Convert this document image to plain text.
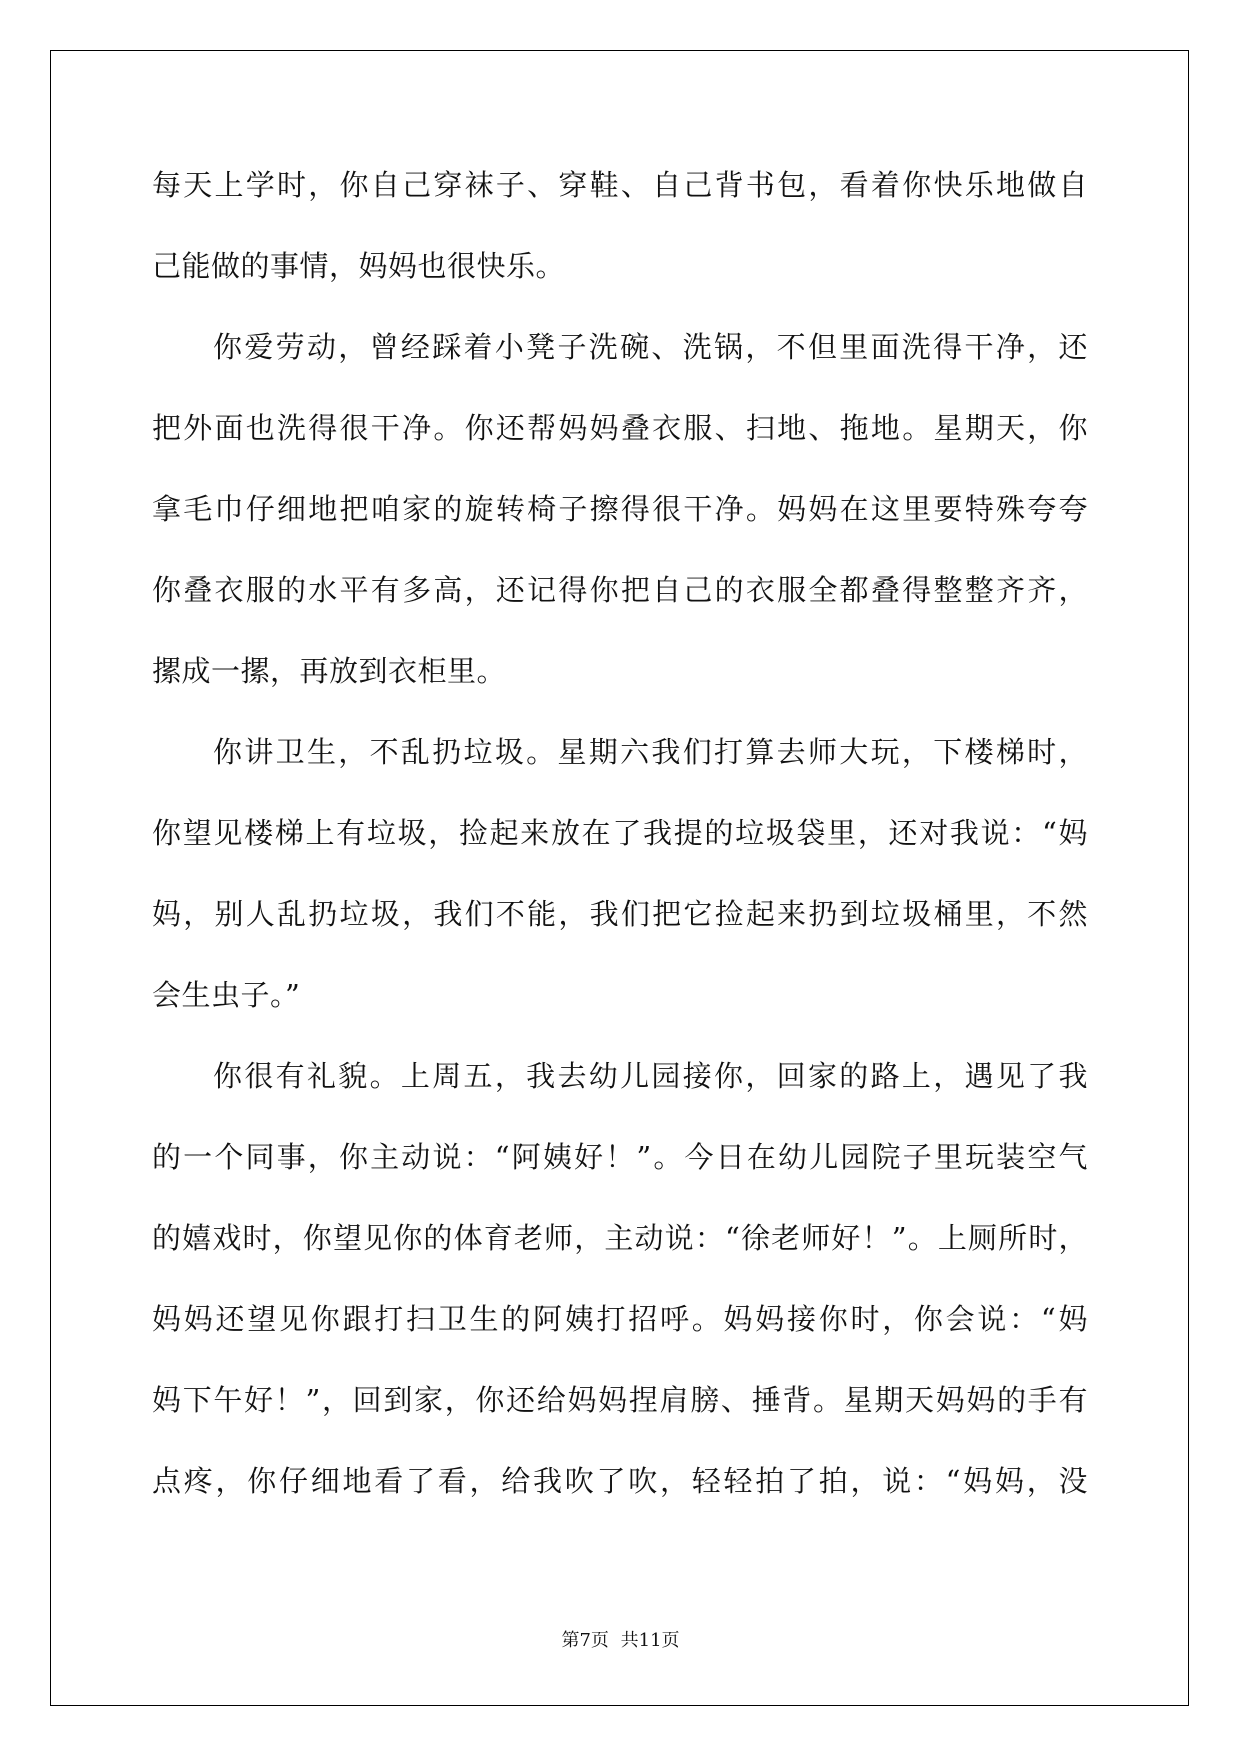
每天上学时，你自己穿袜子、穿鞋、自己背书包，看着你快乐地做自
己能做的事情，妈妈也很快乐。
你爱劳动，曾经踩着小凳子洗碗、洗锅，不但里面洗得干净，还
把外面也洗得很干净。你还帮妈妈叠衣服、扫地、拖地。星期天，你
拿毛巾仔细地把咱家的旋转椅子擦得很干净。妈妈在这里要特殊夸夸
你叠衣服的水平有多高，还记得你把自己的衣服全都叠得整整齐齐，
摞成一摞，再放到衣柜里。
你讲卫生，不乱扔垃圾。星期六我们打算去师大玩，下楼梯时，
你望见楼梯上有垃圾，捡起来放在了我提的垃圾袋里，还对我说：“妈
妈，别人乱扔垃圾，我们不能，我们把它捡起来扔到垃圾桶里，不然
会生虫子。”
你很有礼貌。上周五，我去幼儿园接你，回家的路上，遇见了我
的一个同事，你主动说：“阿姨好！”。今日在幼儿园院子里玩装空气
的嬉戏时，你望见你的体育老师，主动说：“徐老师好！”。上厕所时，
妈妈还望见你跟打扫卫生的阿姨打招呼。妈妈接你时，你会说：“妈
妈下午好！”，回到家，你还给妈妈捏肩膀、捶背。星期天妈妈的手有
点疼，你仔细地看了看，给我吹了吹，轻轻拍了拍，说：“妈妈，没
第7页 共11页
